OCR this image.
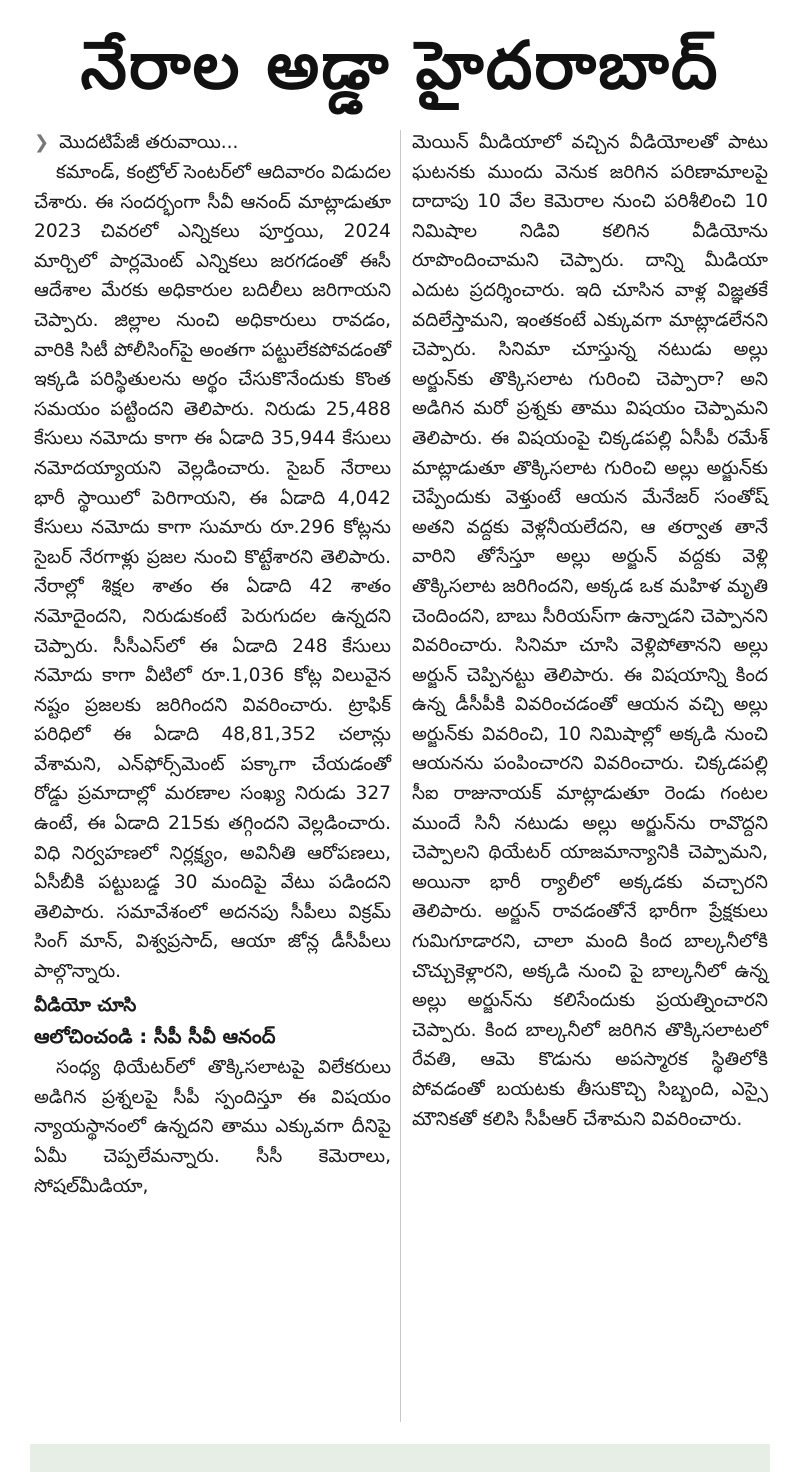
నేరాల అడ్డా హైదరాబాద్
❯ మొదటిపేజీ తరువాయి...

కమాండ్, కంట్రోల్ సెంటర్‌లో ఆదివారం విడుదల చేశారు. ఈ సందర్భంగా సీవీ ఆనంద్ మాట్లాడుతూ 2023 చివరలో ఎన్నికలు పూర్తయి, 2024 మార్చిలో పార్లమెంట్ ఎన్నికలు జరగడంతో ఈసీ ఆదేశాల మేరకు అధికారుల బదిలీలు జరిగాయని చెప్పారు. జిల్లాల నుంచి అధికారులు రావడం, వారికి సిటీ పోలీసింగ్‌పై అంతగా పట్టులేకపోవడంతో ఇక్కడి పరిస్థితులను అర్థం చేసుకొనేందుకు కొంత సమయం పట్టిందని తెలిపారు. నిరుడు 25,488 కేసులు నమోదు కాగా ఈ ఏడాది 35,944 కేసులు నమోదయ్యాయని వెల్లడించారు. సైబర్ నేరాలు భారీ స్థాయిలో పెరిగాయని, ఈ ఏడాది 4,042 కేసులు నమోదు కాగా సుమారు రూ.296 కోట్లను సైబర్ నేరగాళ్లు ప్రజల నుంచి కొట్టేశారని తెలిపారు. నేరాల్లో శిక్షల శాతం ఈ ఏడాది 42 శాతం నమోదైందని, నిరుడుకంటే పెరుగుదల ఉన్నదని చెప్పారు. సీసీఎస్‌లో ఈ ఏడాది 248 కేసులు నమోదు కాగా వీటిలో రూ.1,036 కోట్ల విలువైన నష్టం ప్రజలకు జరిగిందని వివరించారు. ట్రాఫిక్ పరిధిలో ఈ ఏడాది 48,81,352 చలాన్లు వేశామని, ఎన్‌ఫోర్స్‌మెంట్ పక్కాగా చేయడంతో రోడ్డు ప్రమాదాల్లో మరణాల సంఖ్య నిరుడు 327 ఉంటే, ఈ ఏడాది 215కు తగ్గిందని వెల్లడించారు. విధి నిర్వహణలో నిర్లక్ష్యం, అవినీతి ఆరోపణలు, ఏసీబీకి పట్టుబడ్డ 30 మందిపై వేటు పడిందని తెలిపారు. సమావేశంలో అదనపు సీపీలు విక్రమ్ సింగ్ మాన్, విశ్వప్రసాద్, ఆయా జోన్ల డీసీపీలు పాల్గొన్నారు.

వీడియో చూసి

ఆలోచించండి : సీపీ సీవీ ఆనంద్

సంధ్య థియేటర్‌లో తొక్కిసలాటపై విలేకరులు అడిగిన ప్రశ్నలపై సీపీ స్పందిస్తూ ఈ విషయం న్యాయస్థానంలో ఉన్నదని తాము ఎక్కువగా దీనిపై ఏమీ చెప్పలేమన్నారు. సీసీ కెమెరాలు, సోషల్‌మీడియా,

మెయిన్ మీడియాలో వచ్చిన వీడియోలతో పాటు ఘటనకు ముందు వెనుక జరిగిన పరిణామాలపై దాదాపు 10 వేల కెమెరాల నుంచి పరిశీలించి 10 నిమిషాల నిడివి కలిగిన వీడియోను రూపొందించామని చెప్పారు. దాన్ని మీడియా ఎదుట ప్రదర్శించారు. ఇది చూసిన వాళ్ల విజ్ఞతకే వదిలేస్తామని, ఇంతకంటే ఎక్కువగా మాట్లాడలేనని చెప్పారు. సినిమా చూస్తున్న నటుడు అల్లు అర్జున్‌కు తొక్కిసలాట గురించి చెప్పారా? అని అడిగిన మరో ప్రశ్నకు తాము విషయం చెప్పామని తెలిపారు. ఈ విషయంపై చిక్కడపల్లి ఏసీపీ రమేశ్ మాట్లాడుతూ తొక్కిసలాట గురించి అల్లు అర్జున్‌కు చెప్పేందుకు వెళ్తుంటే ఆయన మేనేజర్ సంతోష్ అతని వద్దకు వెళ్లనీయలేదని, ఆ తర్వాత తానే వారిని తోసేస్తూ అల్లు అర్జున్ వద్దకు వెళ్లి తొక్కిసలాట జరిగిందని, అక్కడ ఒక మహిళ మృతి చెందిందని, బాబు సీరియస్‌గా ఉన్నాడని చెప్పానని వివరించారు. సినిమా చూసి వెళ్లిపోతానని అల్లు అర్జున్ చెప్పినట్టు తెలిపారు. ఈ విషయాన్ని కింద ఉన్న డీసీపీకి వివరించడంతో ఆయన వచ్చి అల్లు అర్జున్‌కు వివరించి, 10 నిమిషాల్లో అక్కడి నుంచి ఆయనను పంపించారని వివరించారు. చిక్కడపల్లి సీఐ రాజునాయక్ మాట్లాడుతూ రెండు గంటల ముందే సినీ నటుడు అల్లు అర్జున్‌ను రావొద్దని చెప్పాలని థియేటర్ యాజమాన్యానికి చెప్పామని, అయినా భారీ ర్యాలీలో అక్కడకు వచ్చారని తెలిపారు. అర్జున్ రావడంతోనే భారీగా ప్రేక్షకులు గుమిగూడారని, చాలా మంది కింద బాల్కనీలోకి చొచ్చుకెళ్లారని, అక్కడి నుంచి పై బాల్కనీలో ఉన్న అల్లు అర్జున్‌ను కలిసేందుకు ప్రయత్నించారని చెప్పారు. కింద బాల్కనీలో జరిగిన తొక్కిసలాటలో రేవతి, ఆమె కొడును అపస్మారక స్థితిలోకి పోవడంతో బయటకు తీసుకొచ్చి సిబ్బంది, ఎస్సై మౌనికతో కలిసి సీపీఆర్ చేశామని వివరించారు.
